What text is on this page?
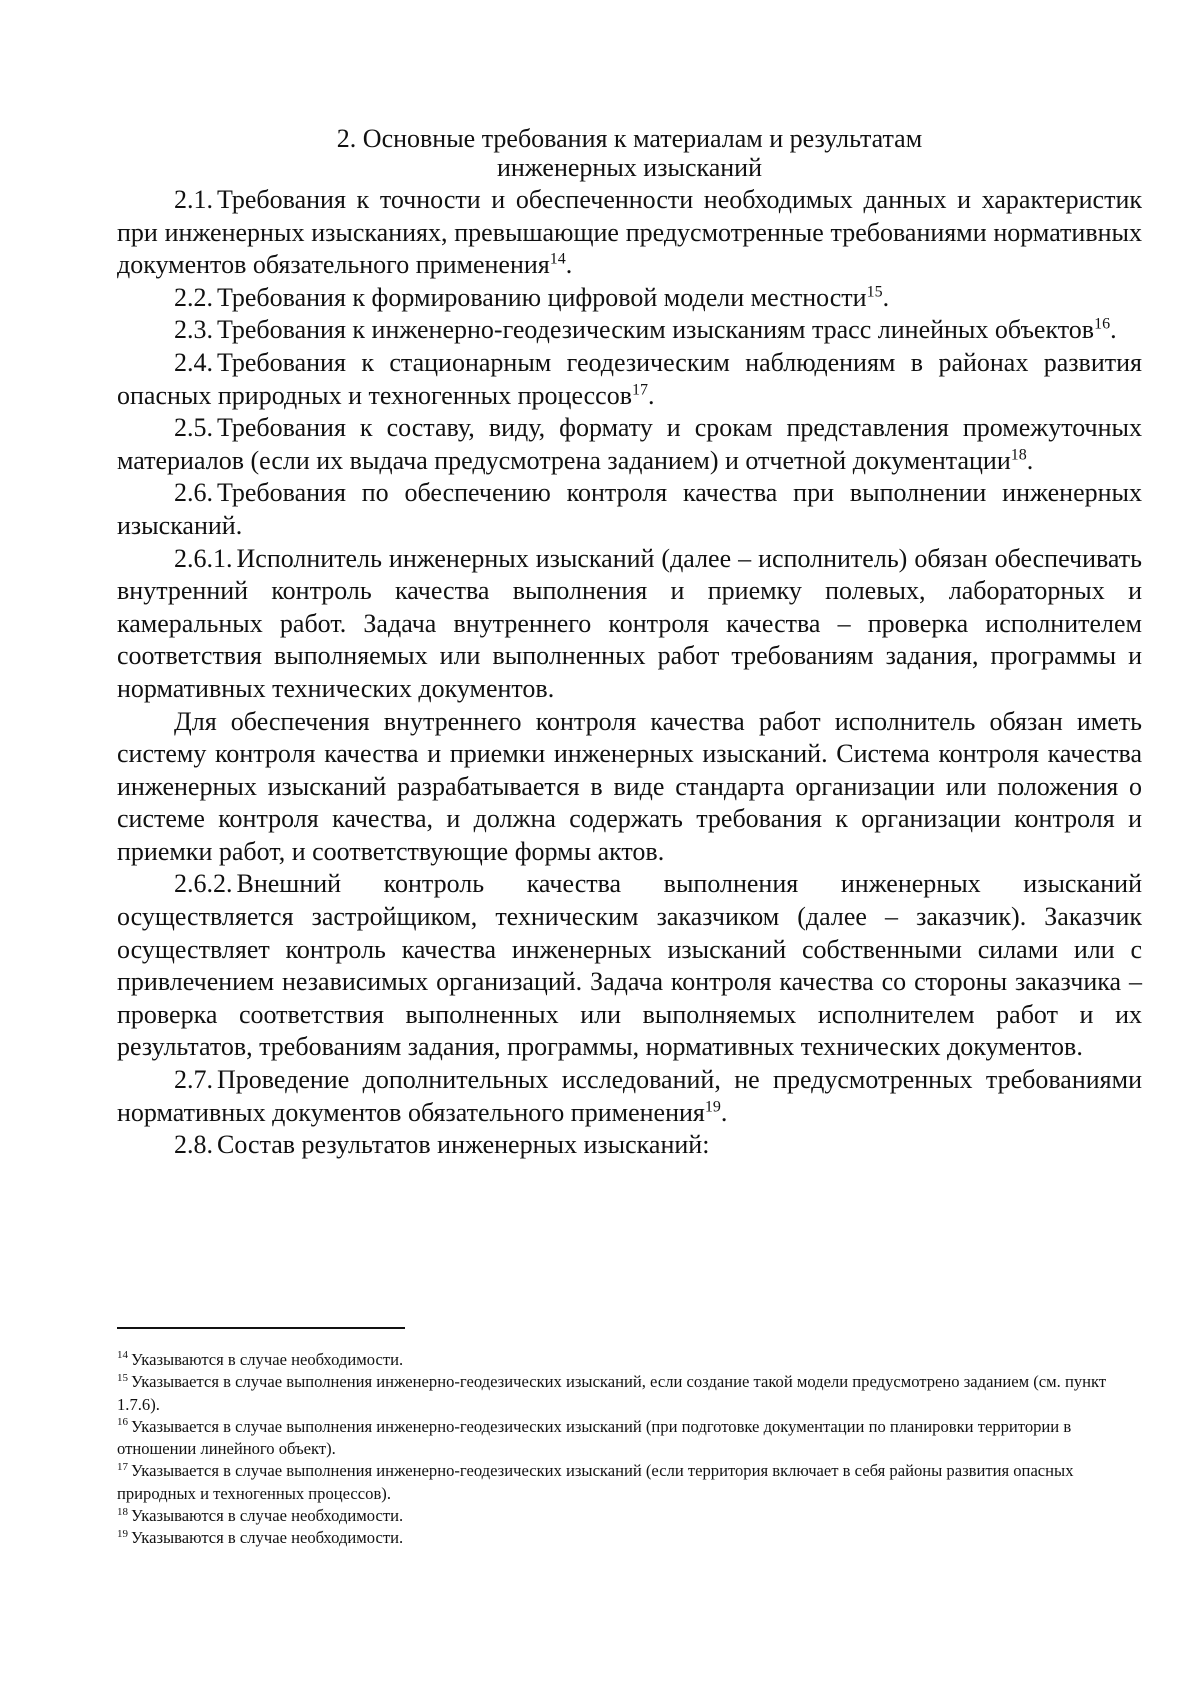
2. Основные требования к материалам и результатам
инженерных изысканий

2.1. Требования к точности и обеспеченности необходимых данных и характеристик при инженерных изысканиях, превышающие предусмотренные требованиями нормативных документов обязательного применения$^{14}$.

2.2. Требования к формированию цифровой модели местности$^{15}$.

2.3. Требования к инженерно-геодезическим изысканиям трасс линейных объектов$^{16}$.

2.4. Требования к стационарным геодезическим наблюдениям в районах развития опасных природных и техногенных процессов$^{17}$.

2.5. Требования к составу, виду, формату и срокам представления промежуточных материалов (если их выдача предусмотрена заданием) и отчетной документации$^{18}$.

2.6. Требования по обеспечению контроля качества при выполнении инженерных изысканий.

2.6.1. Исполнитель инженерных изысканий (далее – исполнитель) обязан обеспечивать внутренний контроль качества выполнения и приемку полевых, лабораторных и камеральных работ. Задача внутреннего контроля качества – проверка исполнителем соответствия выполняемых или выполненных работ требованиям задания, программы и нормативных технических документов.

Для обеспечения внутреннего контроля качества работ исполнитель обязан иметь систему контроля качества и приемки инженерных изысканий. Система контроля качества инженерных изысканий разрабатывается в виде стандарта организации или положения о системе контроля качества, и должна содержать требования к организации контроля и приемки работ, и соответствующие формы актов.

2.6.2. Внешний контроль качества выполнения инженерных изысканий осуществляется застройщиком, техническим заказчиком (далее – заказчик). Заказчик осуществляет контроль качества инженерных изысканий собственными силами или с привлечением независимых организаций. Задача контроля качества со стороны заказчика – проверка соответствия выполненных или выполняемых исполнителем работ и их результатов, требованиям задания, программы, нормативных технических документов.

2.7. Проведение дополнительных исследований, не предусмотренных требованиями нормативных документов обязательного применения$^{19}$.

2.8. Состав результатов инженерных изысканий:

$^{14}$ Указываются в случае необходимости.

$^{15}$ Указывается в случае выполнения инженерно-геодезических изысканий, если создание такой модели предусмотрено заданием (см. пункт 1.7.6).

$^{16}$ Указывается в случае выполнения инженерно-геодезических изысканий (при подготовке документации по планировки территории в отношении линейного объект).

$^{17}$ Указывается в случае выполнения инженерно-геодезических изысканий (если территория включает в себя районы развития опасных природных и техногенных процессов).

$^{18}$ Указываются в случае необходимости.

$^{19}$ Указываются в случае необходимости.
